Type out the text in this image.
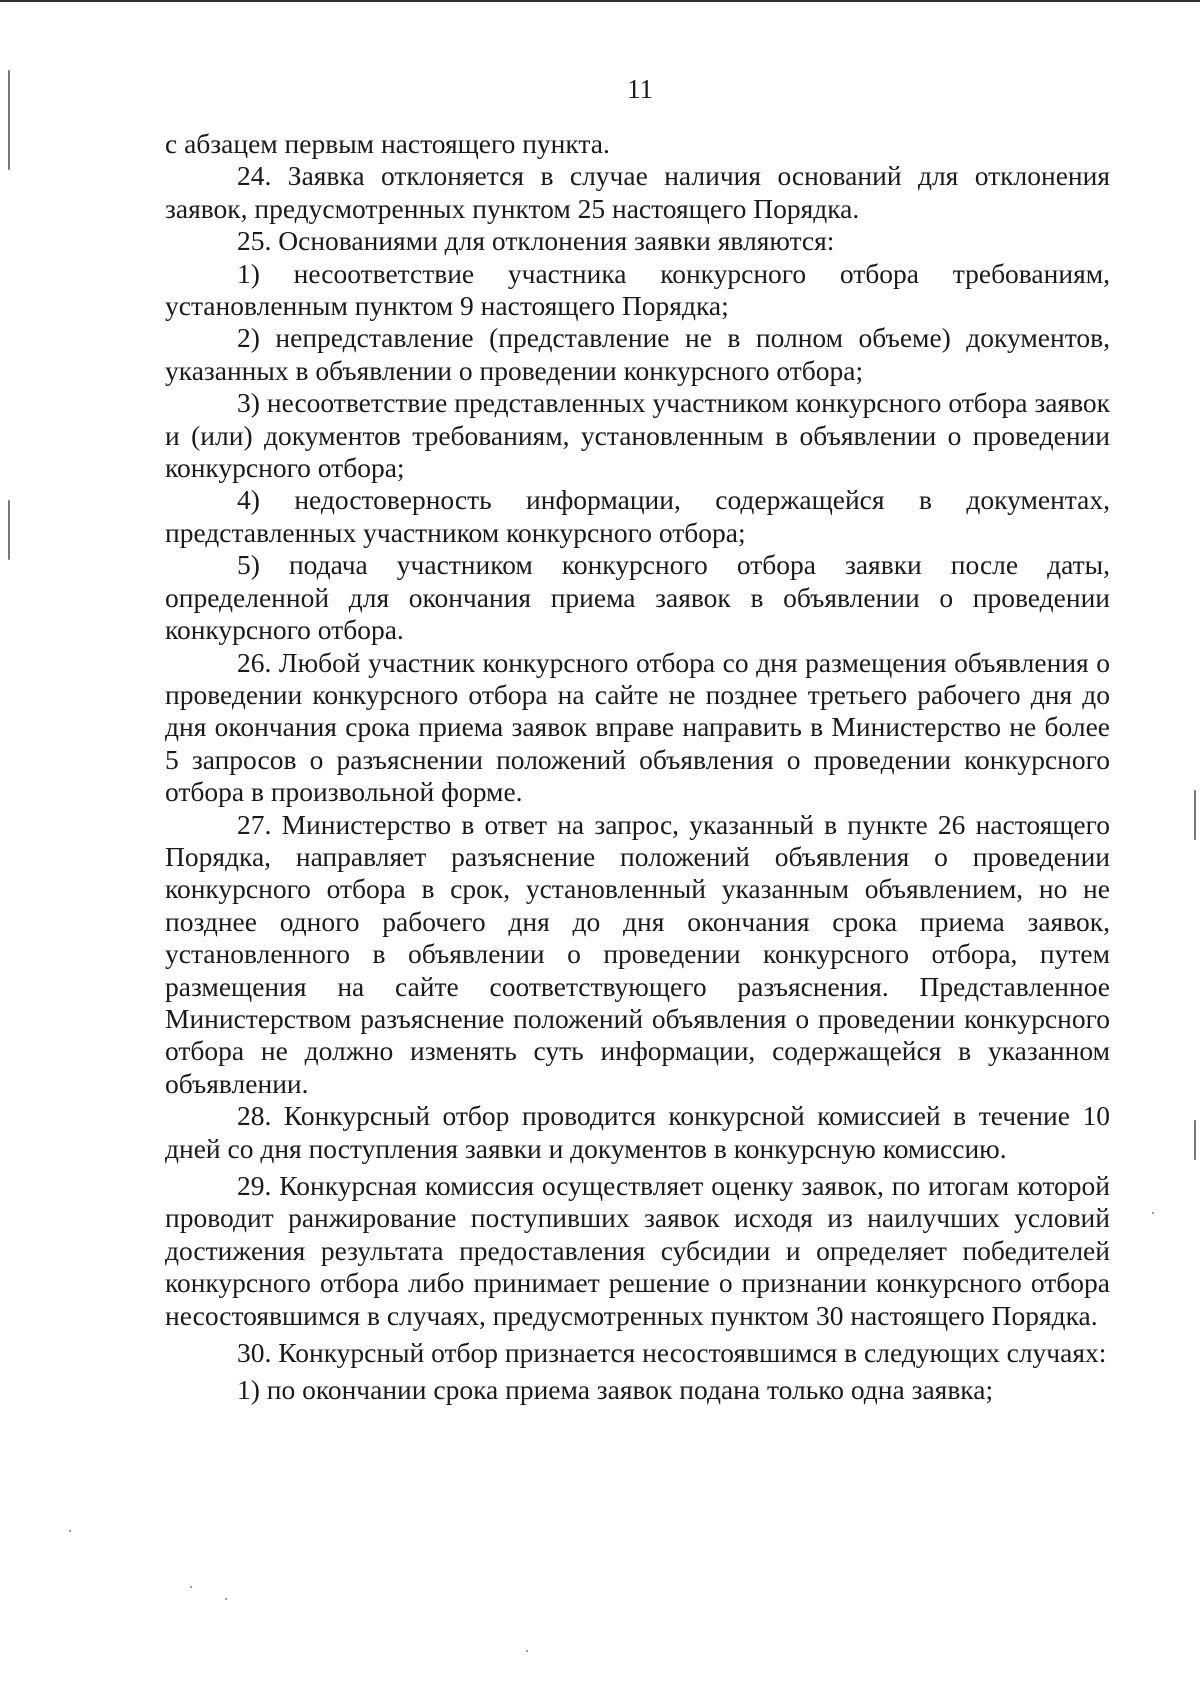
11

с абзацем первым настоящего пункта.

24. Заявка отклоняется в случае наличия оснований для отклонения заявок, предусмотренных пунктом 25 настоящего Порядка.

25. Основаниями для отклонения заявки являются:

1) несоответствие участника конкурсного отбора требованиям, установленным пунктом 9 настоящего Порядка;

2) непредставление (представление не в полном объеме) документов, указанных в объявлении о проведении конкурсного отбора;

3) несоответствие представленных участником конкурсного отбора заявок и (или) документов требованиям, установленным в объявлении о проведении конкурсного отбора;

4) недостоверность информации, содержащейся в документах, представленных участником конкурсного отбора;

5) подача участником конкурсного отбора заявки после даты, определенной для окончания приема заявок в объявлении о проведении конкурсного отбора.

26. Любой участник конкурсного отбора со дня размещения объявления о проведении конкурсного отбора на сайте не позднее третьего рабочего дня до дня окончания срока приема заявок вправе направить в Министерство не более 5 запросов о разъяснении положений объявления о проведении конкурсного отбора в произвольной форме.

27. Министерство в ответ на запрос, указанный в пункте 26 настоящего Порядка, направляет разъяснение положений объявления о проведении конкурсного отбора в срок, установленный указанным объявлением, но не позднее одного рабочего дня до дня окончания срока приема заявок, установленного в объявлении о проведении конкурсного отбора, путем размещения на сайте соответствующего разъяснения. Представленное Министерством разъяснение положений объявления о проведении конкурсного отбора не должно изменять суть информации, содержащейся в указанном объявлении.

28. Конкурсный отбор проводится конкурсной комиссией в течение 10 дней со дня поступления заявки и документов в конкурсную комиссию.

29. Конкурсная комиссия осуществляет оценку заявок, по итогам которой проводит ранжирование поступивших заявок исходя из наилучших условий достижения результата предоставления субсидии и определяет победителей конкурсного отбора либо принимает решение о признании конкурсного отбора несостоявшимся в случаях, предусмотренных пунктом 30 настоящего Порядка.

30. Конкурсный отбор признается несостоявшимся в следующих случаях:

1) по окончании срока приема заявок подана только одна заявка;
